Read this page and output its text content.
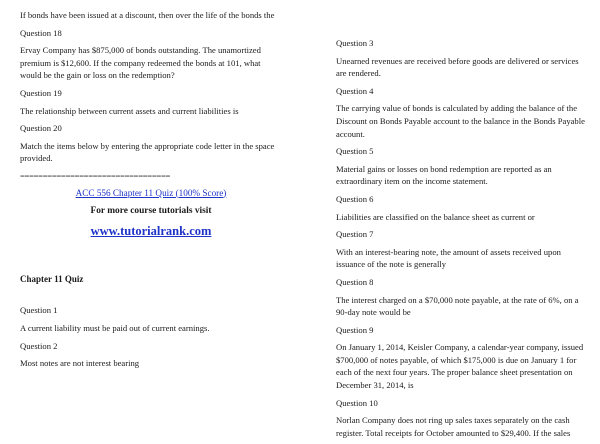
If bonds have been issued at a discount, then over the life of the bonds the

Question 18

Ervay Company has $875,000 of bonds outstanding. The unamortized premium is $12,600. If the company redeemed the bonds at 101, what would be the gain or loss on the redemption?

Question 19

The relationship between current assets and current liabilities is

Question 20

Match the items below by entering the appropriate code letter in the space provided.

=================================

ACC 556 Chapter 11 Quiz (100% Score)

For more course tutorials visit

www.tutorialrank.com

Chapter 11 Quiz

Question 1

A current liability must be paid out of current earnings.

Question 2

Most notes are not interest bearing

Question 3

Unearned revenues are received before goods are delivered or services are rendered.

Question 4

The carrying value of bonds is calculated by adding the balance of the Discount on Bonds Payable account to the balance in the Bonds Payable account.

Question 5

Material gains or losses on bond redemption are reported as an extraordinary item on the income statement.

Question 6

Liabilities are classified on the balance sheet as current or

Question 7

With an interest-bearing note, the amount of assets received upon issuance of the note is generally

Question 8

The interest charged on a $70,000 note payable, at the rate of 6%, on a 90-day note would be

Question 9

On January 1, 2014, Keisler Company, a calendar-year company, issued $700,000 of notes payable, of which $175,000 is due on January 1 for each of the next four years. The proper balance sheet presentation on December 31, 2014, is

Question 10

Norlan Company does not ring up sales taxes separately on the cash register. Total receipts for October amounted to $29,400. If the sales
